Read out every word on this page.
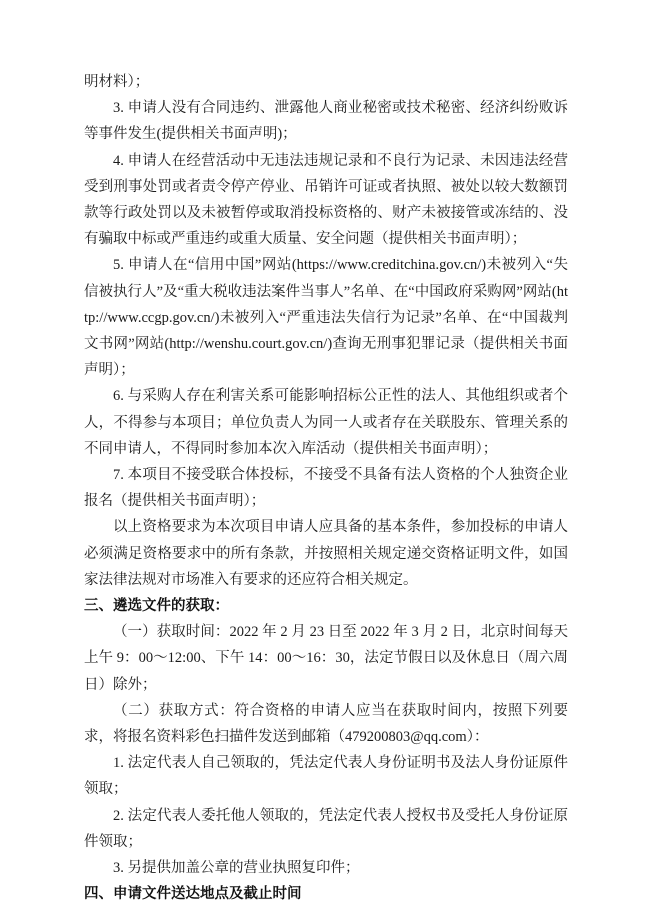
明材料）；

3. 申请人没有合同违约、泄露他人商业秘密或技术秘密、经济纠纷败诉等事件发生(提供相关书面声明)；

4. 申请人在经营活动中无违法违规记录和不良行为记录、未因违法经营受到刑事处罚或者责令停产停业、吊销许可证或者执照、被处以较大数额罚款等行政处罚以及未被暂停或取消投标资格的、财产未被接管或冻结的、没有骗取中标或严重违约或重大质量、安全问题（提供相关书面声明）；

5. 申请人在“信用中国”网站(https://www.creditchina.gov.cn/)未被列入“失信被执行人”及“重大税收违法案件当事人”名单、在“中国政府采购网”网站(http://www.ccgp.gov.cn/)未被列入“严重违法失信行为记录”名单、在“中国裁判文书网”网站(http://wenshu.court.gov.cn/)查询无刑事犯罪记录（提供相关书面声明）；

6. 与采购人存在利害关系可能影响招标公正性的法人、其他组织或者个人，不得参与本项目；单位负责人为同一人或者存在关联股东、管理关系的不同申请人，不得同时参加本次入库活动（提供相关书面声明）；

7. 本项目不接受联合体投标，不接受不具备有法人资格的个人独资企业报名（提供相关书面声明）；

以上资格要求为本次项目申请人应具备的基本条件，参加投标的申请人必须满足资格要求中的所有条款，并按照相关规定递交资格证明文件，如国家法律法规对市场准入有要求的还应符合相关规定。

三、遴选文件的获取：

（一）获取时间：2022 年 2 月 23 日至 2022 年 3 月 2 日，北京时间每天上午 9：00～12:00、下午 14：00～16：30，法定节假日以及休息日（周六周日）除外；

（二）获取方式：符合资格的申请人应当在获取时间内，按照下列要求，将报名资料彩色扫描件发送到邮箱（479200803@qq.com）：

1. 法定代表人自己领取的，凭法定代表人身份证明书及法人身份证原件领取；

2. 法定代表人委托他人领取的，凭法定代表人授权书及受托人身份证原件领取；

3. 另提供加盖公章的营业执照复印件；

四、申请文件送达地点及截止时间
